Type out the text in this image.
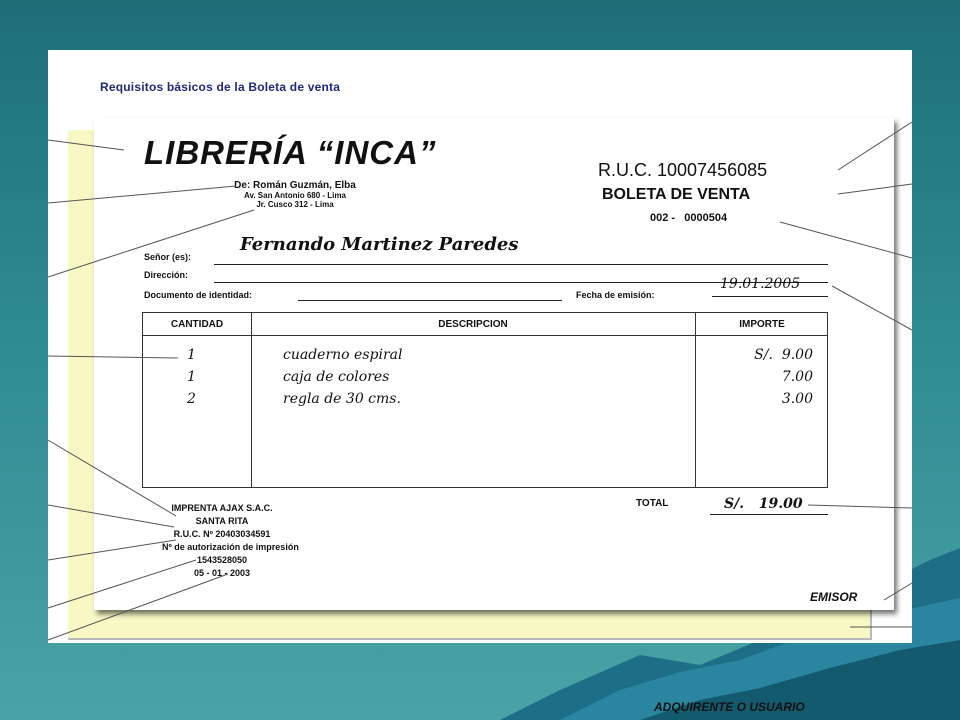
Requisitos básicos de la Boleta de venta
ADQUIRENTE O USUARIO
LIBRERÍA “INCA”
De: Román Guzmán, Elba
Av. San Antonio 680 - Lima
Jr. Cusco 312 - Lima
R.U.C. 10007456085
BOLETA DE VENTA
002 -   0000504
Señor (es):
Fernando Martinez Paredes
Dirección:
Documento de identidad:	Fecha de emisión:
19.01.2005
CANTIDAD	DESCRIPCION	IMPORTE
1	cuaderno espiral	S/.  9.00
1	caja de colores	7.00
2	regla de 30 cms.	3.00
TOTAL	S/.   19.00
IMPRENTA AJAX S.A.C.
SANTA RITA
R.U.C. Nº 20403034591
Nº de autorización de impresión
1543528050
05 - 01 - 2003
EMISOR
